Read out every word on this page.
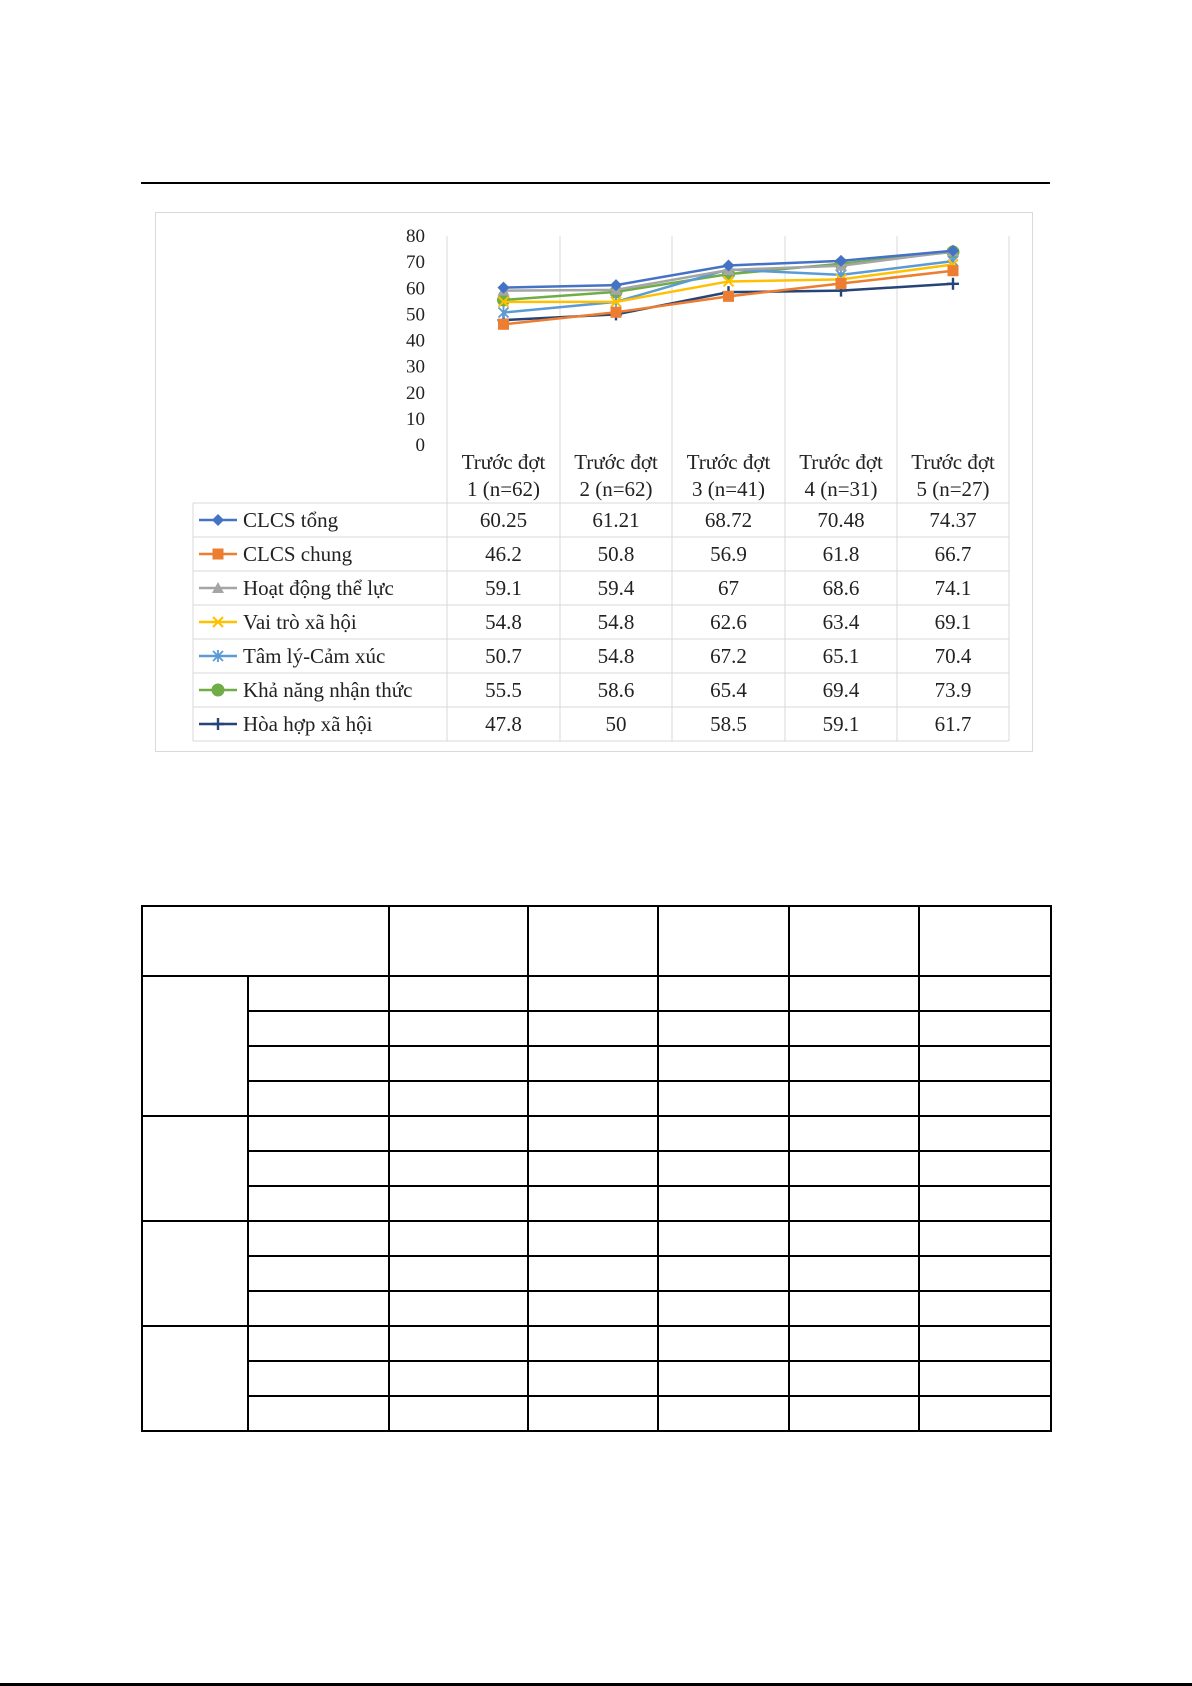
0
10
20
30
40
50
60
70
80
Trước đợt
1 (n=62)
Trước đợt
2 (n=62)
Trước đợt
3 (n=41)
Trước đợt
4 (n=31)
Trước đợt
5 (n=27)
CLCS tổng	60.25	61.21	68.72	70.48	74.37
CLCS chung	46.2	50.8	56.9	61.8	66.7
Hoạt động thể lực	59.1	59.4	67	68.6	74.1
Vai trò xã hội	54.8	54.8	62.6	63.4	69.1
Tâm lý-Cảm xúc	50.7	54.8	67.2	65.1	70.4
Khả năng nhận thức	55.5	58.6	65.4	69.4	73.9
Hòa hợp xã hội	47.8	50	58.5	59.1	61.7
